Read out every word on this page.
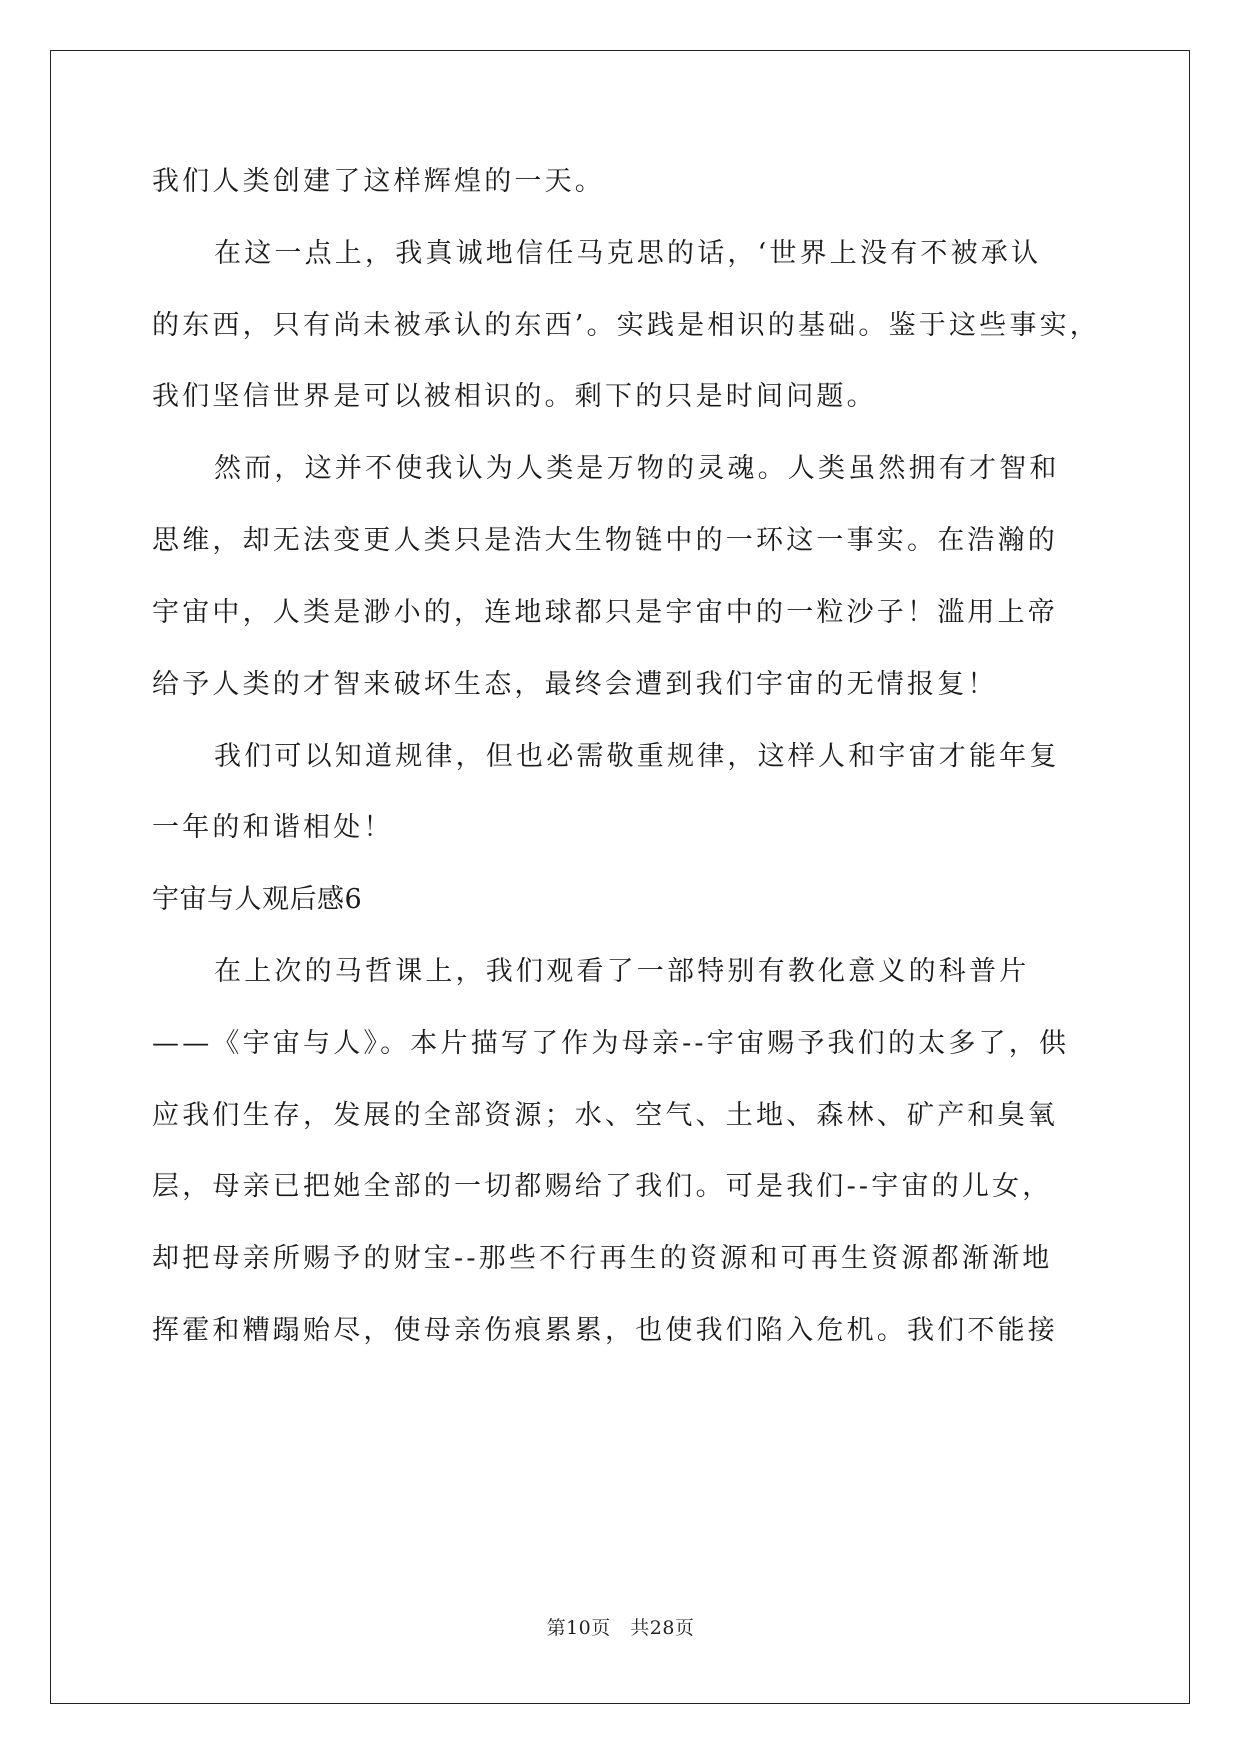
我们人类创建了这样辉煌的一天。
在这一点上，我真诚地信任马克思的话，‘世界上没有不被承认
的东西，只有尚未被承认的东西’。实践是相识的基础。鉴于这些事实，
我们坚信世界是可以被相识的。剩下的只是时间问题。
然而，这并不使我认为人类是万物的灵魂。人类虽然拥有才智和
思维，却无法变更人类只是浩大生物链中的一环这一事实。在浩瀚的
宇宙中，人类是渺小的，连地球都只是宇宙中的一粒沙子！滥用上帝
给予人类的才智来破坏生态，最终会遭到我们宇宙的无情报复！
我们可以知道规律，但也必需敬重规律，这样人和宇宙才能年复
一年的和谐相处！
宇宙与人观后感6
在上次的马哲课上，我们观看了一部特别有教化意义的科普片
——《宇宙与人》。本片描写了作为母亲--宇宙赐予我们的太多了，供
应我们生存，发展的全部资源；水、空气、土地、森林、矿产和臭氧
层，母亲已把她全部的一切都赐给了我们。可是我们--宇宙的儿女，
却把母亲所赐予的财宝--那些不行再生的资源和可再生资源都渐渐地
挥霍和糟蹋贻尽，使母亲伤痕累累，也使我们陷入危机。我们不能接
第10页　共28页
